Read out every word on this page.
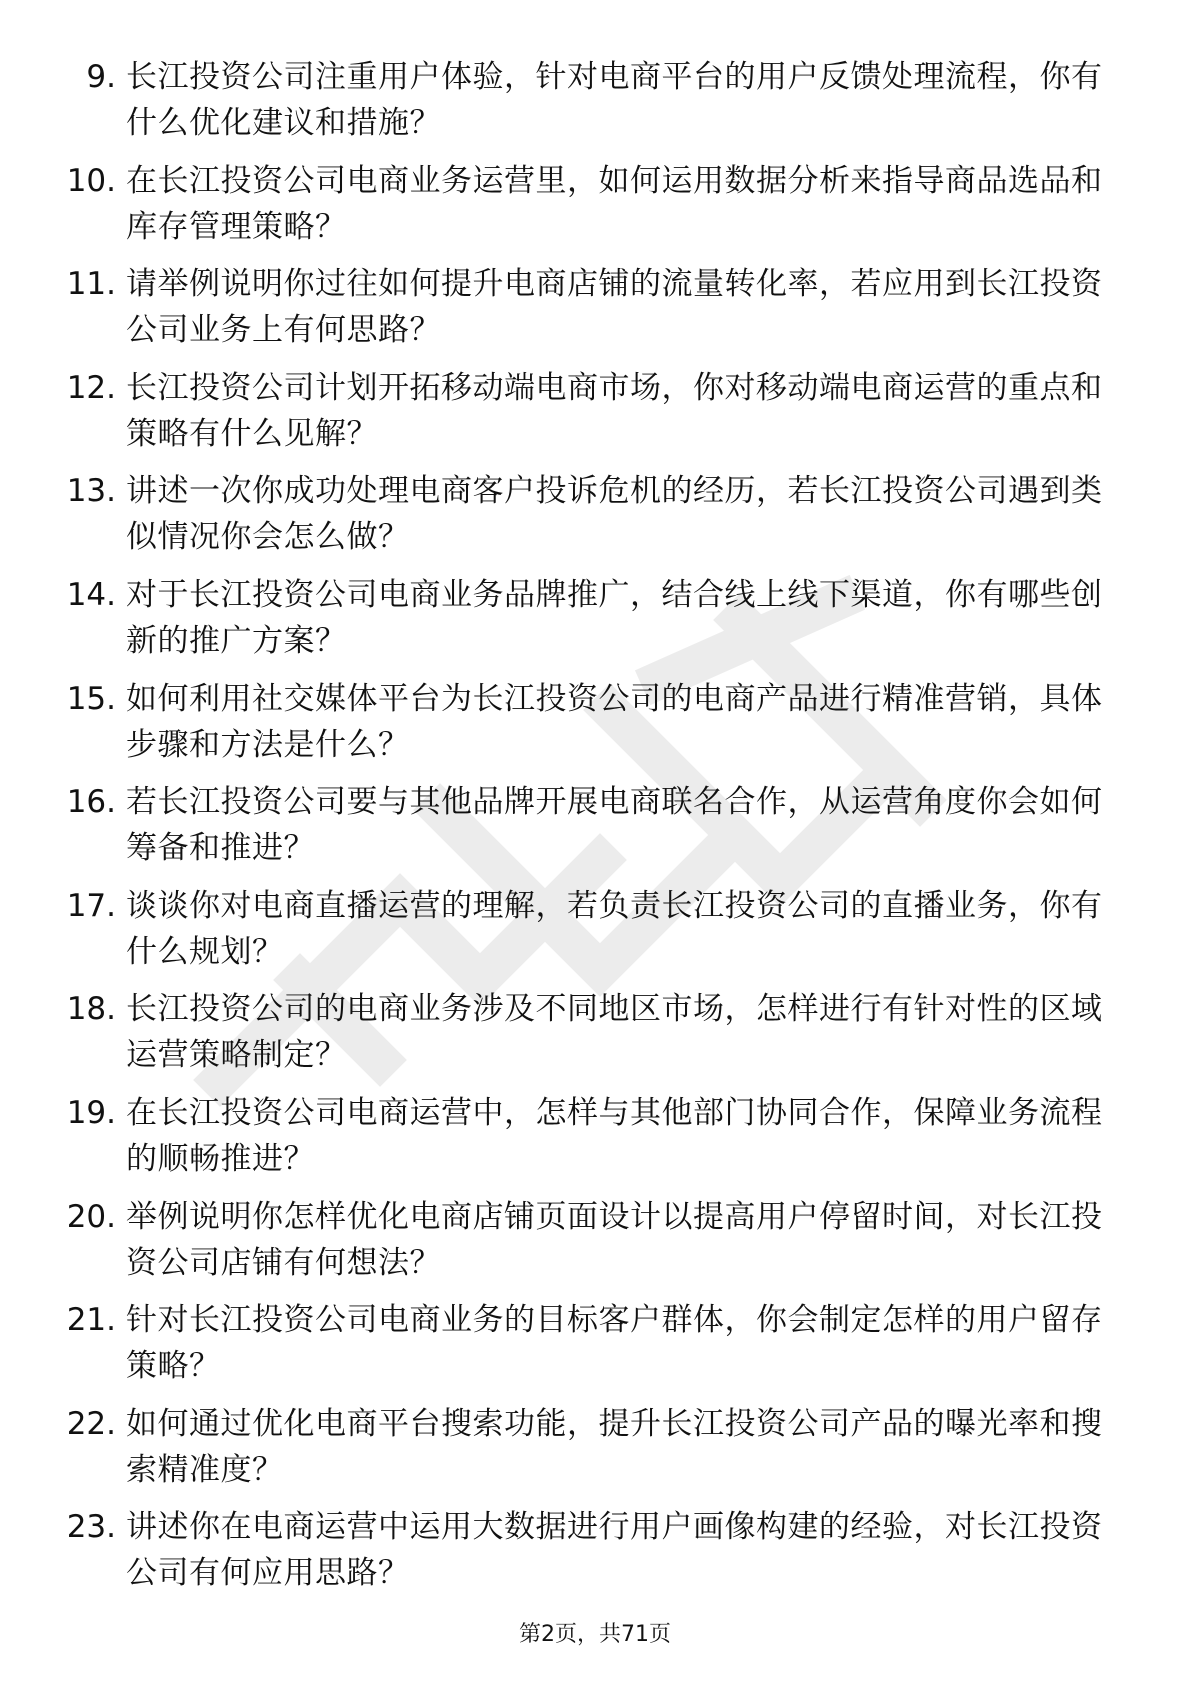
9. 长江投资公司注重用户体验，针对电商平台的用户反馈处理流程，你有什么优化建议和措施？
10. 在长江投资公司电商业务运营里，如何运用数据分析来指导商品选品和库存管理策略？
11. 请举例说明你过往如何提升电商店铺的流量转化率，若应用到长江投资公司业务上有何思路？
12. 长江投资公司计划开拓移动端电商市场，你对移动端电商运营的重点和策略有什么见解？
13. 讲述一次你成功处理电商客户投诉危机的经历，若长江投资公司遇到类似情况你会怎么做？
14. 对于长江投资公司电商业务品牌推广，结合线上线下渠道，你有哪些创新的推广方案？
15. 如何利用社交媒体平台为长江投资公司的电商产品进行精准营销，具体步骤和方法是什么？
16. 若长江投资公司要与其他品牌开展电商联名合作，从运营角度你会如何筹备和推进？
17. 谈谈你对电商直播运营的理解，若负责长江投资公司的直播业务，你有什么规划？
18. 长江投资公司的电商业务涉及不同地区市场，怎样进行有针对性的区域运营策略制定？
19. 在长江投资公司电商运营中，怎样与其他部门协同合作，保障业务流程的顺畅推进？
20. 举例说明你怎样优化电商店铺页面设计以提高用户停留时间，对长江投资公司店铺有何想法？
21. 针对长江投资公司电商业务的目标客户群体，你会制定怎样的用户留存策略？
22. 如何通过优化电商平台搜索功能，提升长江投资公司产品的曝光率和搜索精准度？
23. 讲述你在电商运营中运用大数据进行用户画像构建的经验，对长江投资公司有何应用思路？
第2页，共71页
